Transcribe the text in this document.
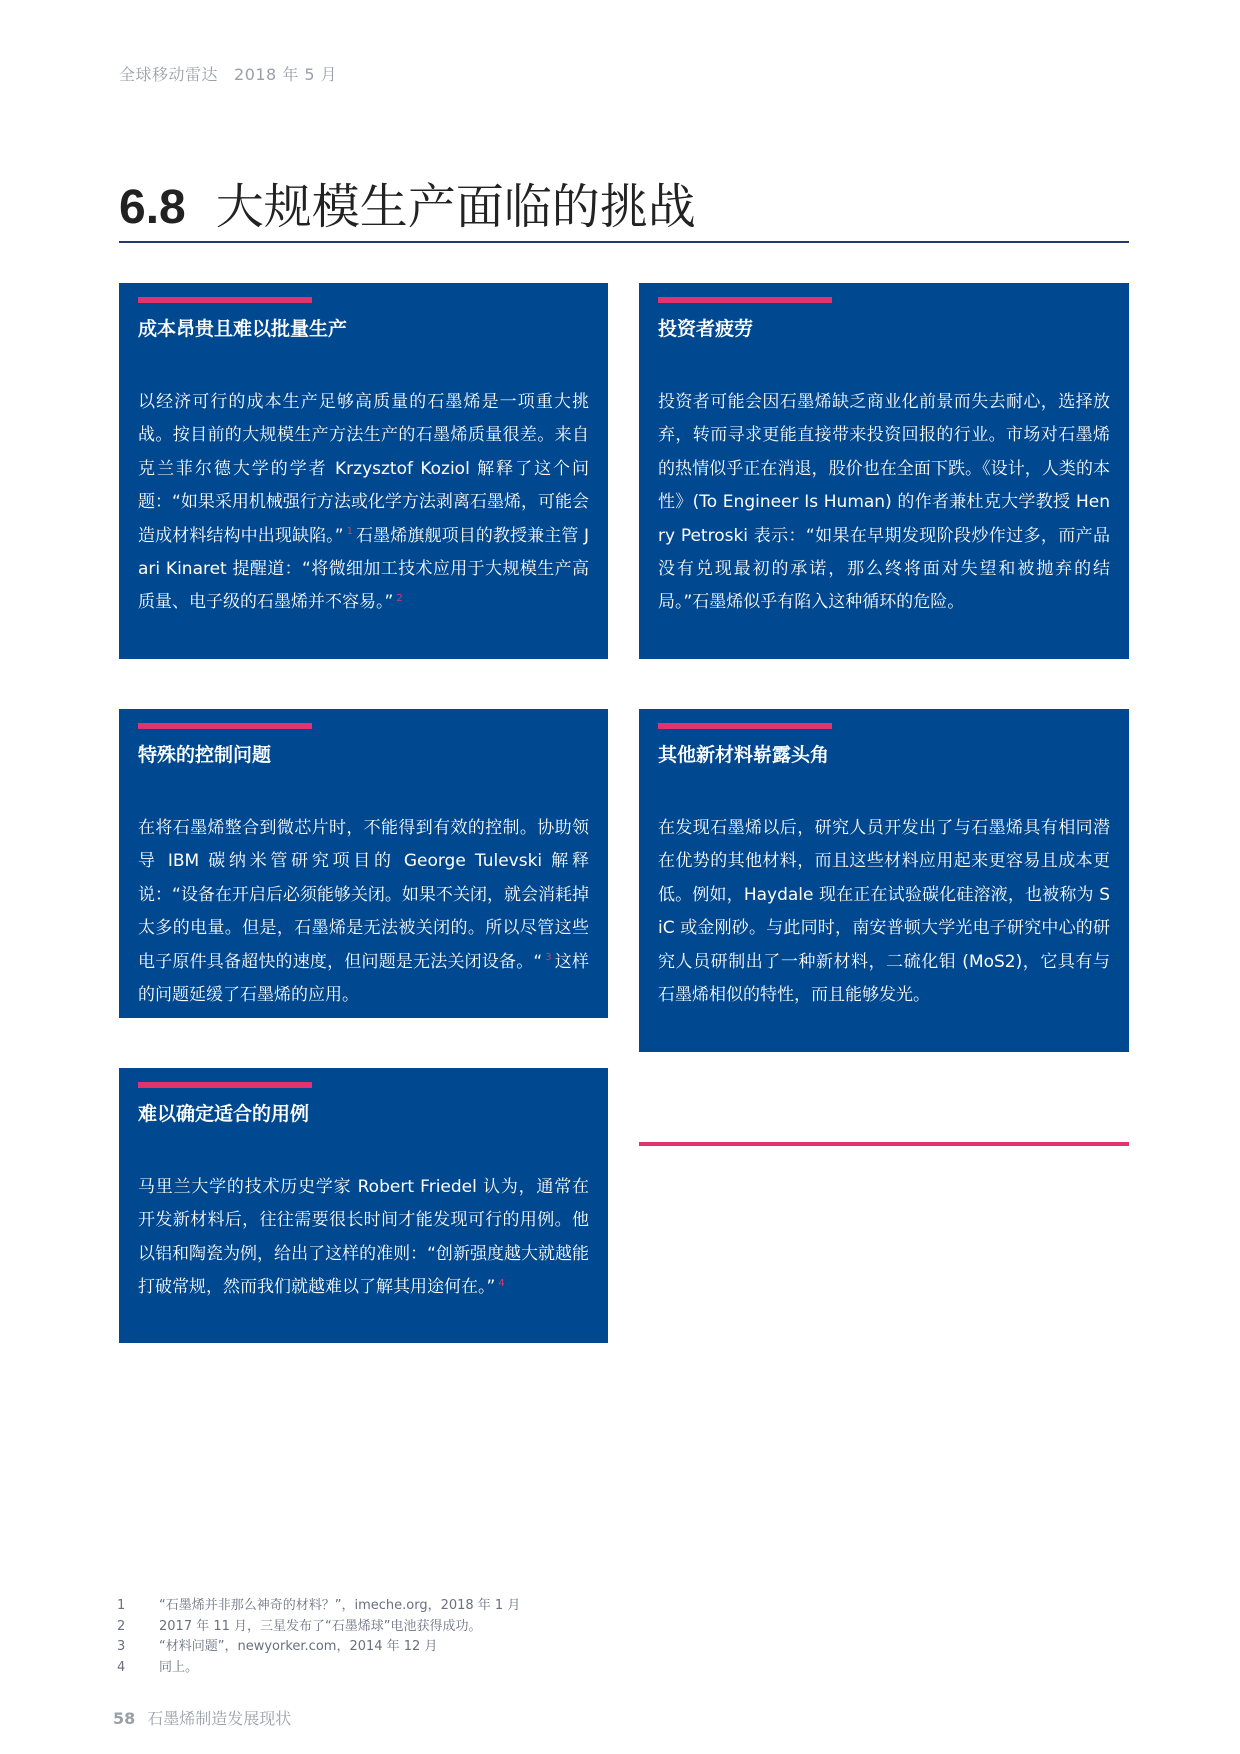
全球移动雷达 2018 年 5 月
6.8 大规模生产面临的挑战
成本昂贵且难以批量生产
以经济可行的成本生产足够高质量的石墨烯是一项重大挑战。按目前的大规模生产方法生产的石墨烯质量很差。来自克兰菲尔德大学的学者 Krzysztof Koziol 解释了这个问题：“如果采用机械强行方法或化学方法剥离石墨烯，可能会造成材料结构中出现缺陷。” $^1$ 石墨烯旗舰项目的教授兼主管 Jari Kinaret 提醒道：“将微细加工技术应用于大规模生产高质量、电子级的石墨烯并不容易。” $^2$
投资者疲劳
投资者可能会因石墨烯缺乏商业化前景而失去耐心，选择放弃，转而寻求更能直接带来投资回报的行业。市场对石墨烯的热情似乎正在消退，股价也在全面下跌。《设计，人类的本性》(To Engineer Is Human) 的作者兼杜克大学教授 Henry Petroski 表示：“如果在早期发现阶段炒作过多，而产品没有兑现最初的承诺，那么终将面对失望和被抛弃的结局。”石墨烯似乎有陷入这种循环的危险。
特殊的控制问题
在将石墨烯整合到微芯片时，不能得到有效的控制。协助领导 IBM 碳纳米管研究项目的 George Tulevski 解释说：“设备在开启后必须能够关闭。如果不关闭，就会消耗掉太多的电量。但是，石墨烯是无法被关闭的。所以尽管这些电子原件具备超快的速度，但问题是无法关闭设备。“ $^3$ 这样的问题延缓了石墨烯的应用。
其他新材料崭露头角
在发现石墨烯以后，研究人员开发出了与石墨烯具有相同潜在优势的其他材料，而且这些材料应用起来更容易且成本更低。例如，Haydale 现在正在试验碳化硅溶液，也被称为 SiC 或金刚砂。与此同时，南安普顿大学光电子研究中心的研究人员研制出了一种新材料，二硫化钼 (MoS2)，它具有与石墨烯相似的特性，而且能够发光。
难以确定适合的用例
马里兰大学的技术历史学家 Robert Friedel 认为，通常在开发新材料后，往往需要很长时间才能发现可行的用例。他以铝和陶瓷为例，给出了这样的准则：“创新强度越大就越能打破常规，然而我们就越难以了解其用途何在。” $^4$
1	“石墨烯并非那么神奇的材料？”，imeche.org，2018 年 1 月
2	2017 年 11 月，三星发布了“石墨烯球”电池获得成功。
3	“材料问题”，newyorker.com，2014 年 12 月
4	同上。
58 石墨烯制造发展现状
